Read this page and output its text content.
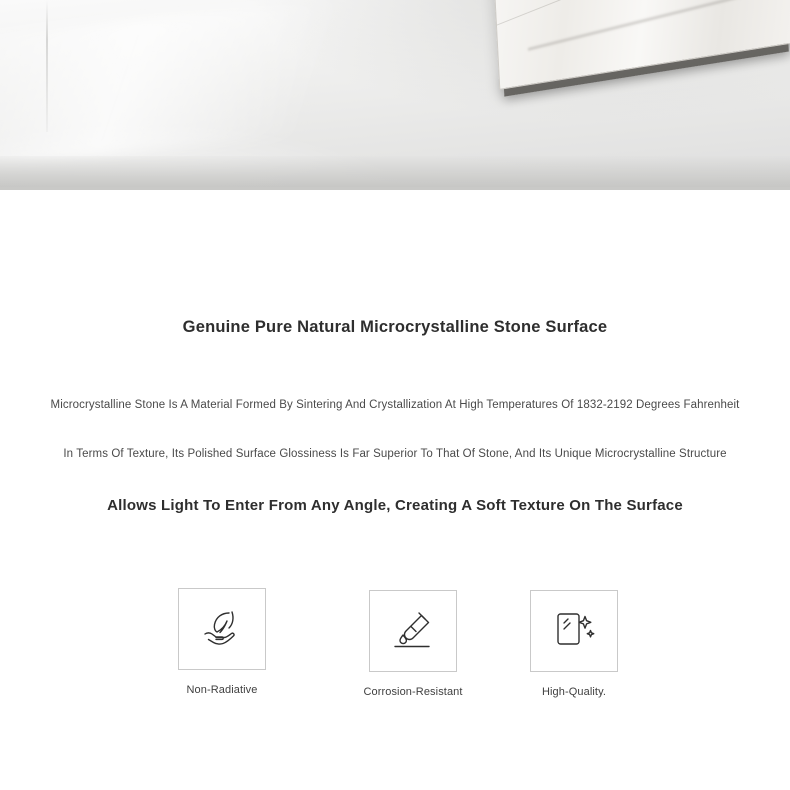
Genuine Pure Natural Microcrystalline Stone Surface
Microcrystalline Stone Is A Material Formed By Sintering And Crystallization At High Temperatures Of 1832-2192 Degrees Fahrenheit
In Terms Of Texture, Its Polished Surface Glossiness Is Far Superior To That Of Stone, And Its Unique Microcrystalline Structure
Allows Light To Enter From Any Angle, Creating A Soft Texture On The Surface
Non-Radiative	Corrosion-Resistant	High-Quality.
